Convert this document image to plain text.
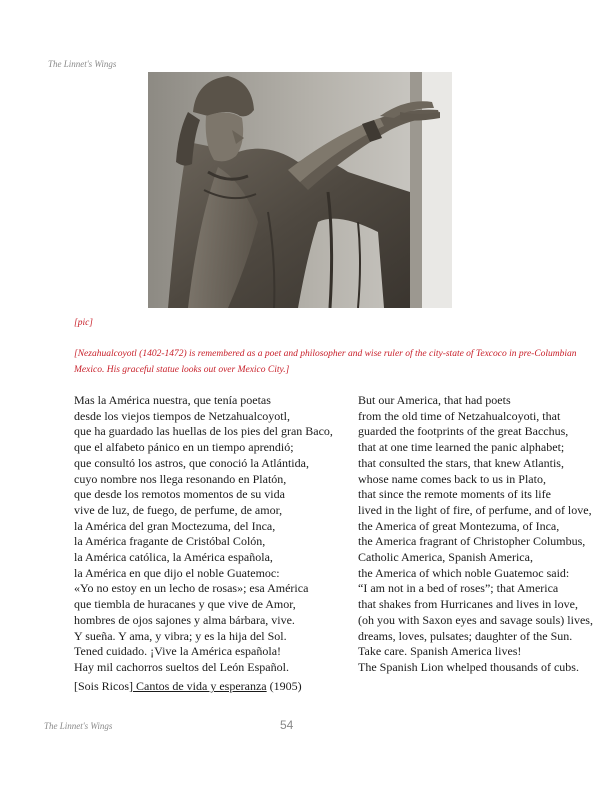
The Linnet's Wings
[pic]
[Nezahualcoyotl (1402-1472) is remembered as a poet and philosopher and wise ruler of the city-state of Texcoco in pre-Columbian Mexico. His graceful statue looks out over Mexico City.]
Mas la América nuestra, que tenía poetas
desde los viejos tiempos de Netzahualcoyotl,
que ha guardado las huellas de los pies del gran Baco,
que el alfabeto pánico en un tiempo aprendió;
que consultó los astros, que conoció la Atlántida,
cuyo nombre nos llega resonando en Platón,
que desde los remotos momentos de su vida
vive de luz, de fuego, de perfume, de amor,
la América del gran Moctezuma, del Inca,
la América fragante de Cristóbal Colón,
la América católica, la América española,
la América en que dijo el noble Guatemoc:
«Yo no estoy en un lecho de rosas»; esa América
que tiembla de huracanes y que vive de Amor,
hombres de ojos sajones y alma bárbara, vive.
Y sueña. Y ama, y vibra; y es la hija del Sol.
Tened cuidado. ¡Vive la América española!
Hay mil cachorros sueltos del León Español.
But our America, that had poets
from the old time of Netzahualcoyoti, that
guarded the footprints of the great Bacchus,
that at one time learned the panic alphabet;
that consulted the stars, that knew Atlantis,
whose name comes back to us in Plato,
that since the remote moments of its life
lived in the light of fire, of perfume, and of love,
the America of great Montezuma, of Inca,
the America fragrant of Christopher Columbus,
Catholic America, Spanish America,
the America of which noble Guatemoc said:
“I am not in a bed of roses”; that America
that shakes from Hurricanes and lives in love,
(oh you with Saxon eyes and savage souls) lives,
dreams, loves, pulsates; daughter of the Sun.
Take care. Spanish America lives!
The Spanish Lion whelped thousands of cubs.
[Sois Ricos] Cantos de vida y esperanza (1905)
The Linnet's Wings	54
